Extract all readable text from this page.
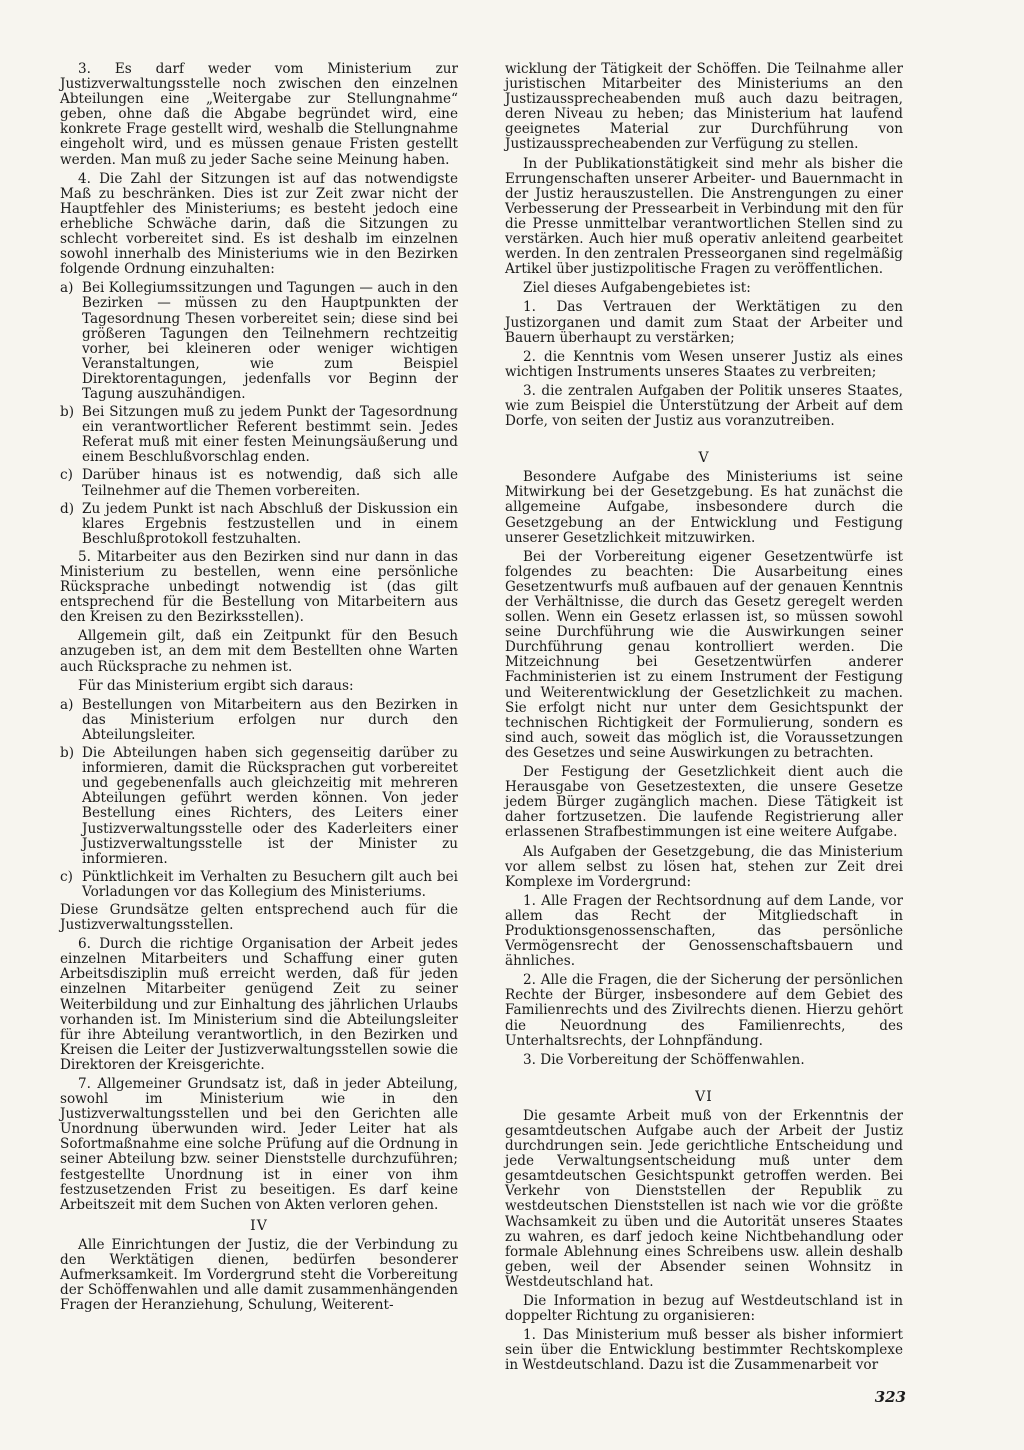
3. Es darf weder vom Ministerium zur Justizverwaltungsstelle noch zwischen den einzelnen Abteilungen eine „Weitergabe zur Stellungnahme“ geben, ohne daß die Abgabe begründet wird, eine konkrete Frage gestellt wird, weshalb die Stellungnahme eingeholt wird, und es müssen genaue Fristen gestellt werden. Man muß zu jeder Sache seine Meinung haben.

4. Die Zahl der Sitzungen ist auf das notwendigste Maß zu beschränken. Dies ist zur Zeit zwar nicht der Hauptfehler des Ministeriums; es besteht jedoch eine erhebliche Schwäche darin, daß die Sitzungen zu schlecht vorbereitet sind. Es ist deshalb im einzelnen sowohl innerhalb des Ministeriums wie in den Bezirken folgende Ordnung einzuhalten:

a) Bei Kollegiumssitzungen und Tagungen — auch in den Bezirken — müssen zu den Hauptpunkten der Tagesordnung Thesen vorbereitet sein; diese sind bei größeren Tagungen den Teilnehmern rechtzeitig vorher, bei kleineren oder weniger wichtigen Veranstaltungen, wie zum Beispiel Direktorentagungen, jedenfalls vor Beginn der Tagung auszuhändigen.
b) Bei Sitzungen muß zu jedem Punkt der Tagesordnung ein verantwortlicher Referent bestimmt sein. Jedes Referat muß mit einer festen Meinungsäußerung und einem Beschlußvorschlag enden.
c) Darüber hinaus ist es notwendig, daß sich alle Teilnehmer auf die Themen vorbereiten.
d) Zu jedem Punkt ist nach Abschluß der Diskussion ein klares Ergebnis festzustellen und in einem Beschlußprotokoll festzuhalten.

5. Mitarbeiter aus den Bezirken sind nur dann in das Ministerium zu bestellen, wenn eine persönliche Rücksprache unbedingt notwendig ist (das gilt entsprechend für die Bestellung von Mitarbeitern aus den Kreisen zu den Bezirksstellen).

Allgemein gilt, daß ein Zeitpunkt für den Besuch anzugeben ist, an dem mit dem Bestellten ohne Warten auch Rücksprache zu nehmen ist.

Für das Ministerium ergibt sich daraus:

a) Bestellungen von Mitarbeitern aus den Bezirken in das Ministerium erfolgen nur durch den Abteilungsleiter.
b) Die Abteilungen haben sich gegenseitig darüber zu informieren, damit die Rücksprachen gut vorbereitet und gegebenenfalls auch gleichzeitig mit mehreren Abteilungen geführt werden können. Von jeder Bestellung eines Richters, des Leiters einer Justizverwaltungsstelle oder des Kaderleiters einer Justizverwaltungsstelle ist der Minister zu informieren.
c) Pünktlichkeit im Verhalten zu Besuchern gilt auch bei Vorladungen vor das Kollegium des Ministeriums.

Diese Grundsätze gelten entsprechend auch für die Justizverwaltungsstellen.

6. Durch die richtige Organisation der Arbeit jedes einzelnen Mitarbeiters und Schaffung einer guten Arbeitsdisziplin muß erreicht werden, daß für jeden einzelnen Mitarbeiter genügend Zeit zu seiner Weiterbildung und zur Einhaltung des jährlichen Urlaubs vorhanden ist. Im Ministerium sind die Abteilungsleiter für ihre Abteilung verantwortlich, in den Bezirken und Kreisen die Leiter der Justizverwaltungsstellen sowie die Direktoren der Kreisgerichte.

7. Allgemeiner Grundsatz ist, daß in jeder Abteilung, sowohl im Ministerium wie in den Justizverwaltungsstellen und bei den Gerichten alle Unordnung überwunden wird. Jeder Leiter hat als Sofortmaßnahme eine solche Prüfung auf die Ordnung in seiner Abteilung bzw. seiner Dienststelle durchzuführen; festgestellte Unordnung ist in einer von ihm festzusetzenden Frist zu beseitigen. Es darf keine Arbeitszeit mit dem Suchen von Akten verloren gehen.

IV

Alle Einrichtungen der Justiz, die der Verbindung zu den Werktätigen dienen, bedürfen besonderer Aufmerksamkeit. Im Vordergrund steht die Vorbereitung der Schöffenwahlen und alle damit zusammenhängenden Fragen der Heranziehung, Schulung, Weiterent-

wicklung der Tätigkeit der Schöffen. Die Teilnahme aller juristischen Mitarbeiter des Ministeriums an den Justizaussprecheabenden muß auch dazu beitragen, deren Niveau zu heben; das Ministerium hat laufend geeignetes Material zur Durchführung von Justizaussprecheabenden zur Verfügung zu stellen.

In der Publikationstätigkeit sind mehr als bisher die Errungenschaften unserer Arbeiter- und Bauernmacht in der Justiz herauszustellen. Die Anstrengungen zu einer Verbesserung der Pressearbeit in Verbindung mit den für die Presse unmittelbar verantwortlichen Stellen sind zu verstärken. Auch hier muß operativ anleitend gearbeitet werden. In den zentralen Presseorganen sind regelmäßig Artikel über justizpolitische Fragen zu veröffentlichen.

Ziel dieses Aufgabengebietes ist:

1. Das Vertrauen der Werktätigen zu den Justizorganen und damit zum Staat der Arbeiter und Bauern überhaupt zu verstärken;

2. die Kenntnis vom Wesen unserer Justiz als eines wichtigen Instruments unseres Staates zu verbreiten;

3. die zentralen Aufgaben der Politik unseres Staates, wie zum Beispiel die Unterstützung der Arbeit auf dem Dorfe, von seiten der Justiz aus voranzutreiben.

V

Besondere Aufgabe des Ministeriums ist seine Mitwirkung bei der Gesetzgebung. Es hat zunächst die allgemeine Aufgabe, insbesondere durch die Gesetzgebung an der Entwicklung und Festigung unserer Gesetzlichkeit mitzuwirken.

Bei der Vorbereitung eigener Gesetzentwürfe ist folgendes zu beachten: Die Ausarbeitung eines Gesetzentwurfs muß aufbauen auf der genauen Kenntnis der Verhältnisse, die durch das Gesetz geregelt werden sollen. Wenn ein Gesetz erlassen ist, so müssen sowohl seine Durchführung wie die Auswirkungen seiner Durchführung genau kontrolliert werden. Die Mitzeichnung bei Gesetzentwürfen anderer Fachministerien ist zu einem Instrument der Festigung und Weiterentwicklung der Gesetzlichkeit zu machen. Sie erfolgt nicht nur unter dem Gesichtspunkt der technischen Richtigkeit der Formulierung, sondern es sind auch, soweit das möglich ist, die Voraussetzungen des Gesetzes und seine Auswirkungen zu betrachten.

Der Festigung der Gesetzlichkeit dient auch die Herausgabe von Gesetzestexten, die unsere Gesetze jedem Bürger zugänglich machen. Diese Tätigkeit ist daher fortzusetzen. Die laufende Registrierung aller erlassenen Strafbestimmungen ist eine weitere Aufgabe.

Als Aufgaben der Gesetzgebung, die das Ministerium vor allem selbst zu lösen hat, stehen zur Zeit drei Komplexe im Vordergrund:

1. Alle Fragen der Rechtsordnung auf dem Lande, vor allem das Recht der Mitgliedschaft in Produktionsgenossenschaften, das persönliche Vermögensrecht der Genossenschaftsbauern und ähnliches.

2. Alle die Fragen, die der Sicherung der persönlichen Rechte der Bürger, insbesondere auf dem Gebiet des Familienrechts und des Zivilrechts dienen. Hierzu gehört die Neuordnung des Familienrechts, des Unterhaltsrechts, der Lohnpfändung.

3. Die Vorbereitung der Schöffenwahlen.

VI

Die gesamte Arbeit muß von der Erkenntnis der gesamtdeutschen Aufgabe auch der Arbeit der Justiz durchdrungen sein. Jede gerichtliche Entscheidung und jede Verwaltungsentscheidung muß unter dem gesamtdeutschen Gesichtspunkt getroffen werden. Bei Verkehr von Dienststellen der Republik zu westdeutschen Dienststellen ist nach wie vor die größte Wachsamkeit zu üben und die Autorität unseres Staates zu wahren, es darf jedoch keine Nichtbehandlung oder formale Ablehnung eines Schreibens usw. allein deshalb geben, weil der Absender seinen Wohnsitz in Westdeutschland hat.

Die Information in bezug auf Westdeutschland ist in doppelter Richtung zu organisieren:

1. Das Ministerium muß besser als bisher informiert sein über die Entwicklung bestimmter Rechtskomplexe in Westdeutschland. Dazu ist die Zusammenarbeit vor

323
